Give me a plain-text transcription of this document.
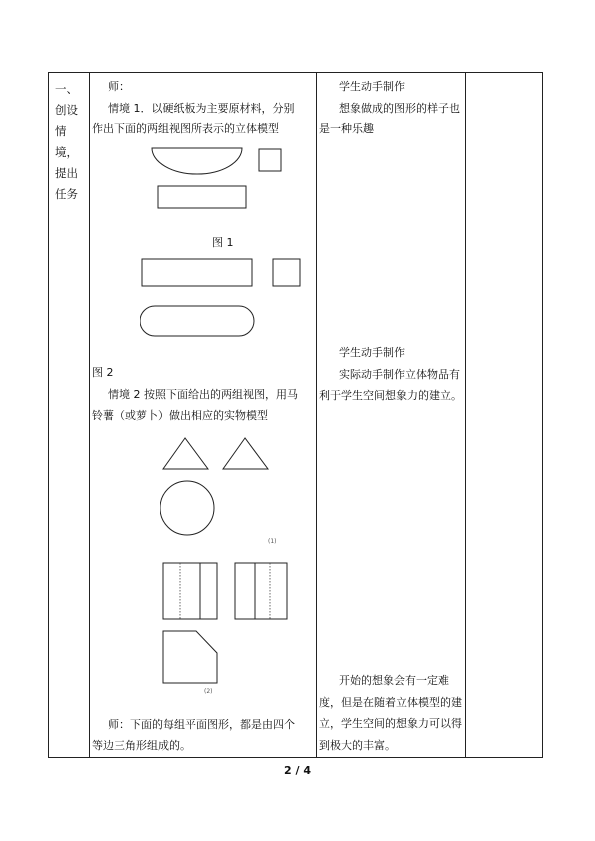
一、
创设
情
境，
提出
任务

师：
情境 1．以硬纸板为主要原材料，分别
作出下面的两组视图所表示的立体模型
图 1
图 2
情境 2 按照下面给出的两组视图，用马
铃薯（或萝卜）做出相应的实物模型
(1)
(2)
师：下面的每组平面图形，都是由四个
等边三角形组成的。

学生动手制作
想象做成的图形的样子也
是一种乐趣
学生动手制作
实际动手制作立体物品有
利于学生空间想象力的建立。
开始的想象会有一定难
度，但是在随着立体模型的建
立，学生空间的想象力可以得
到极大的丰富。

2 / 4
